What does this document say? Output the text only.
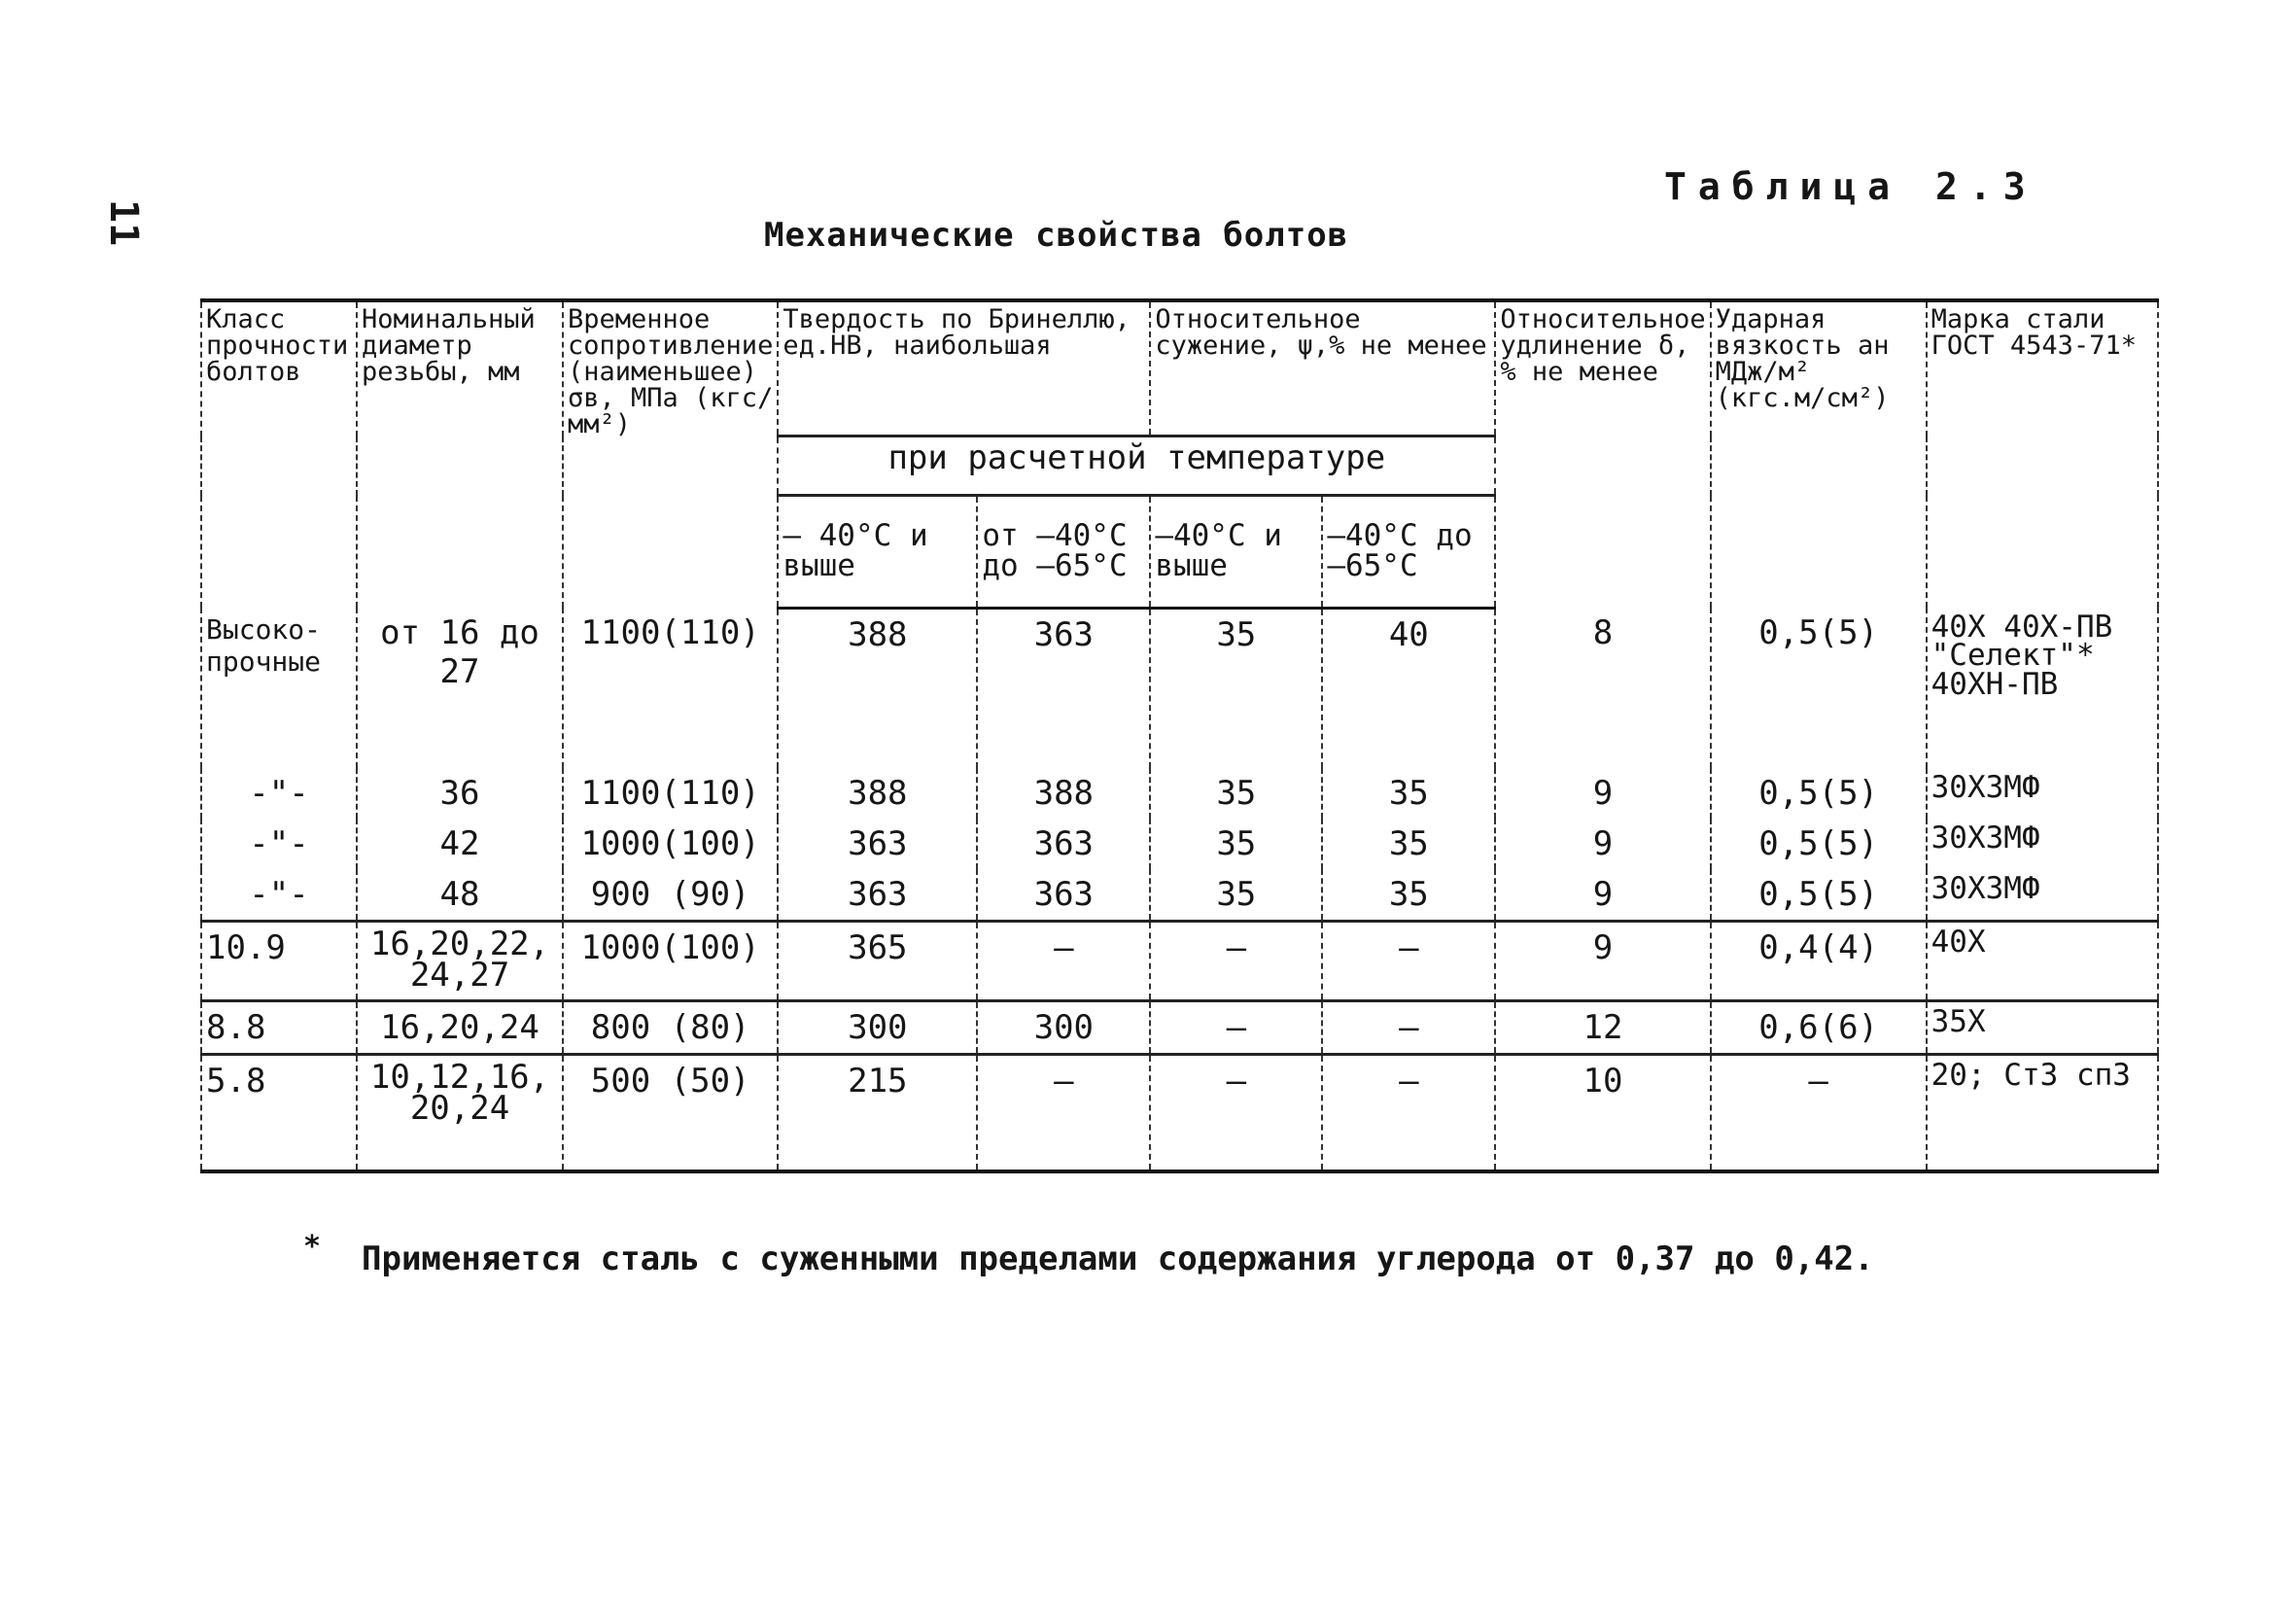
11
Таблица 2.3
Механические свойства болтов
Класс прочности болтов	Номинальный диаметр резьбы, мм	Временное сопротивление (наименьшее) σв, МПа (кгс/мм²)	Твердость по Бринеллю, ед.НВ, наибольшая		Относительное сужение, ψ,% не менее		Относительное удлинение δ, % не менее	Ударная вязкость aн МДж/м² (кгс.м/см²)	Марка стали ГОСТ 4543-71*
			при расчетной температуре						
			– 40°С и выше	от –40°С до –65°С	–40°С и выше	–40°С до –65°С			
Высоко-прочные	от 16 до 27	1100(110)	388	363	35	40	8	0,5(5)	40Х 40Х-ПВ "Селект"* 40ХН-ПВ
-"-	36	1100(110)	388	388	35	35	9	0,5(5)	30Х3МФ
-"-	42	1000(100)	363	363	35	35	9	0,5(5)	30Х3МФ
-"-	48	900 (90)	363	363	35	35	9	0,5(5)	30Х3МФ
10.9	16,20,22, 24,27	1000(100)	365	–	–	–	9	0,4(4)	40Х
8.8	16,20,24	800 (80)	300	300	–	–	12	0,6(6)	35Х
5.8	10,12,16, 20,24	500 (50)	215	–	–	–	10	–	20; Ст3 сп3
* Применяется сталь с суженными пределами содержания углерода от 0,37 до 0,42.
